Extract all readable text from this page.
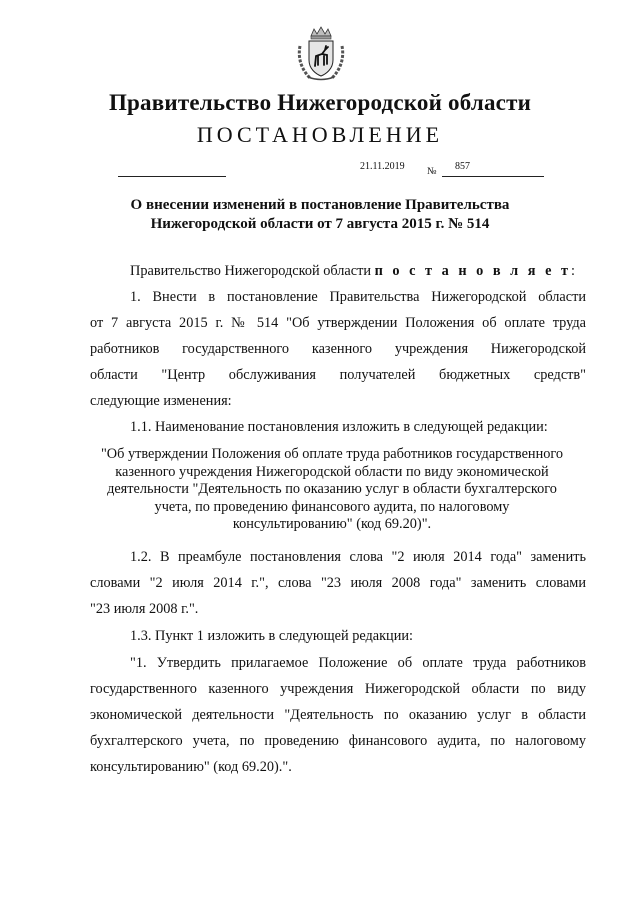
Правительство Нижегородской области
ПОСТАНОВЛЕНИЕ
21.11.2019 № 857
О внесении изменений в постановление Правительства
Нижегородской области от 7 августа 2015 г. № 514
Правительство Нижегородской области п о с т а н о в л я е т:
1. Внести в постановление Правительства Нижегородской области
от 7 августа 2015 г. № 514 "Об утверждении Положения об оплате труда
работников государственного казенного учреждения Нижегородской
области "Центр обслуживания получателей бюджетных средств"
следующие изменения:
1.1. Наименование постановления изложить в следующей редакции:
"Об утверждении Положения об оплате труда работников государственного
казенного учреждения Нижегородской области по виду экономической
деятельности "Деятельность по оказанию услуг в области бухгалтерского
учета, по проведению финансового аудита, по налоговому
консультированию" (код 69.20)".
1.2. В преамбуле постановления слова "2 июля 2014 года" заменить
словами "2 июля 2014 г.", слова "23 июля 2008 года" заменить словами
"23 июля 2008 г.".
1.3. Пункт 1 изложить в следующей редакции:
"1. Утвердить прилагаемое Положение об оплате труда работников
государственного казенного учреждения Нижегородской области по виду
экономической деятельности "Деятельность по оказанию услуг в области
бухгалтерского учета, по проведению финансового аудита, по налоговому
консультированию" (код 69.20).".
